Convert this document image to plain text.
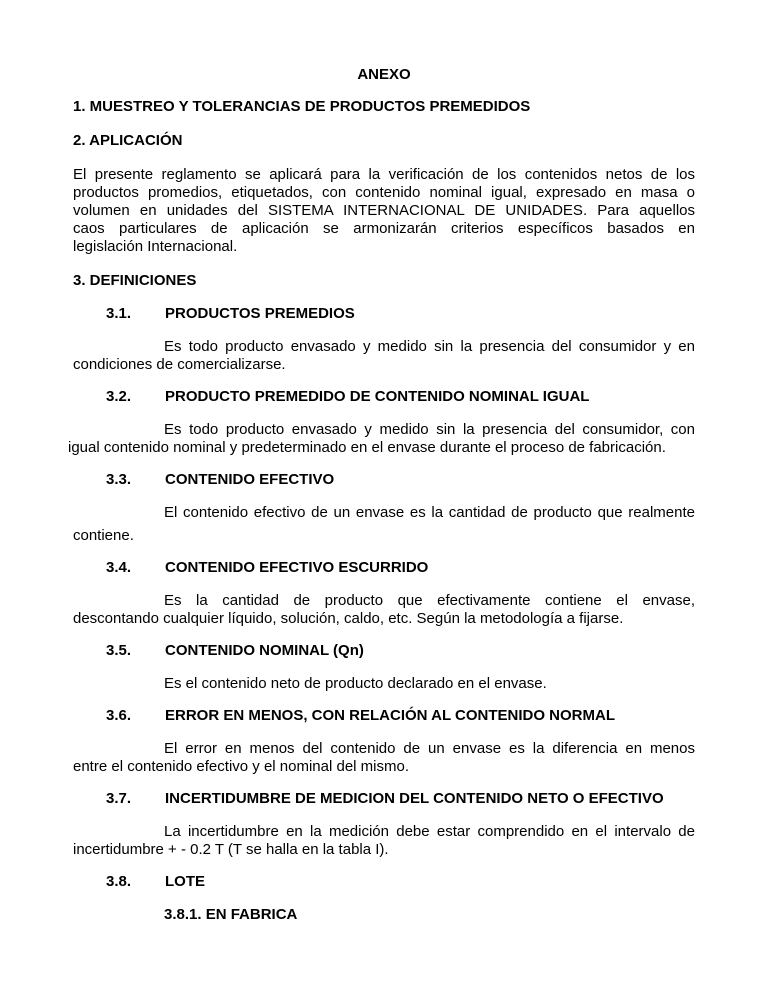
ANEXO
1. MUESTREO Y TOLERANCIAS DE PRODUCTOS PREMEDIDOS
2. APLICACIÓN
El presente reglamento se aplicará para la verificación de los contenidos netos de los
productos promedios, etiquetados, con contenido nominal igual, expresado en masa o
volumen en unidades del SISTEMA INTERNACIONAL DE UNIDADES. Para aquellos
caos particulares de aplicación se armonizarán criterios específicos basados en
legislación Internacional.
3. DEFINICIONES
3.1. PRODUCTOS PREMEDIOS
Es todo producto envasado y medido sin la presencia del consumidor y en
condiciones de comercializarse.
3.2. PRODUCTO PREMEDIDO DE CONTENIDO NOMINAL IGUAL
Es todo producto envasado y medido sin la presencia del consumidor, con
igual contenido nominal y predeterminado en el envase durante el proceso de fabricación.
3.3. CONTENIDO EFECTIVO
El contenido efectivo de un envase es la cantidad de producto que realmente
contiene.
3.4. CONTENIDO EFECTIVO ESCURRIDO
Es la cantidad de producto que efectivamente contiene el envase,
descontando cualquier líquido, solución, caldo, etc. Según la metodología a fijarse.
3.5. CONTENIDO NOMINAL (Qn)
Es el contenido neto de producto declarado en el envase.
3.6. ERROR EN MENOS, CON RELACIÓN AL CONTENIDO NORMAL
El error en menos del contenido de un envase es la diferencia en menos
entre el contenido efectivo y el nominal del mismo.
3.7. INCERTIDUMBRE DE MEDICION DEL CONTENIDO NETO O EFECTIVO
La incertidumbre en la medición debe estar comprendido en el intervalo de
incertidumbre + - 0.2 T (T se halla en la tabla I).
3.8. LOTE
3.8.1. EN FABRICA
